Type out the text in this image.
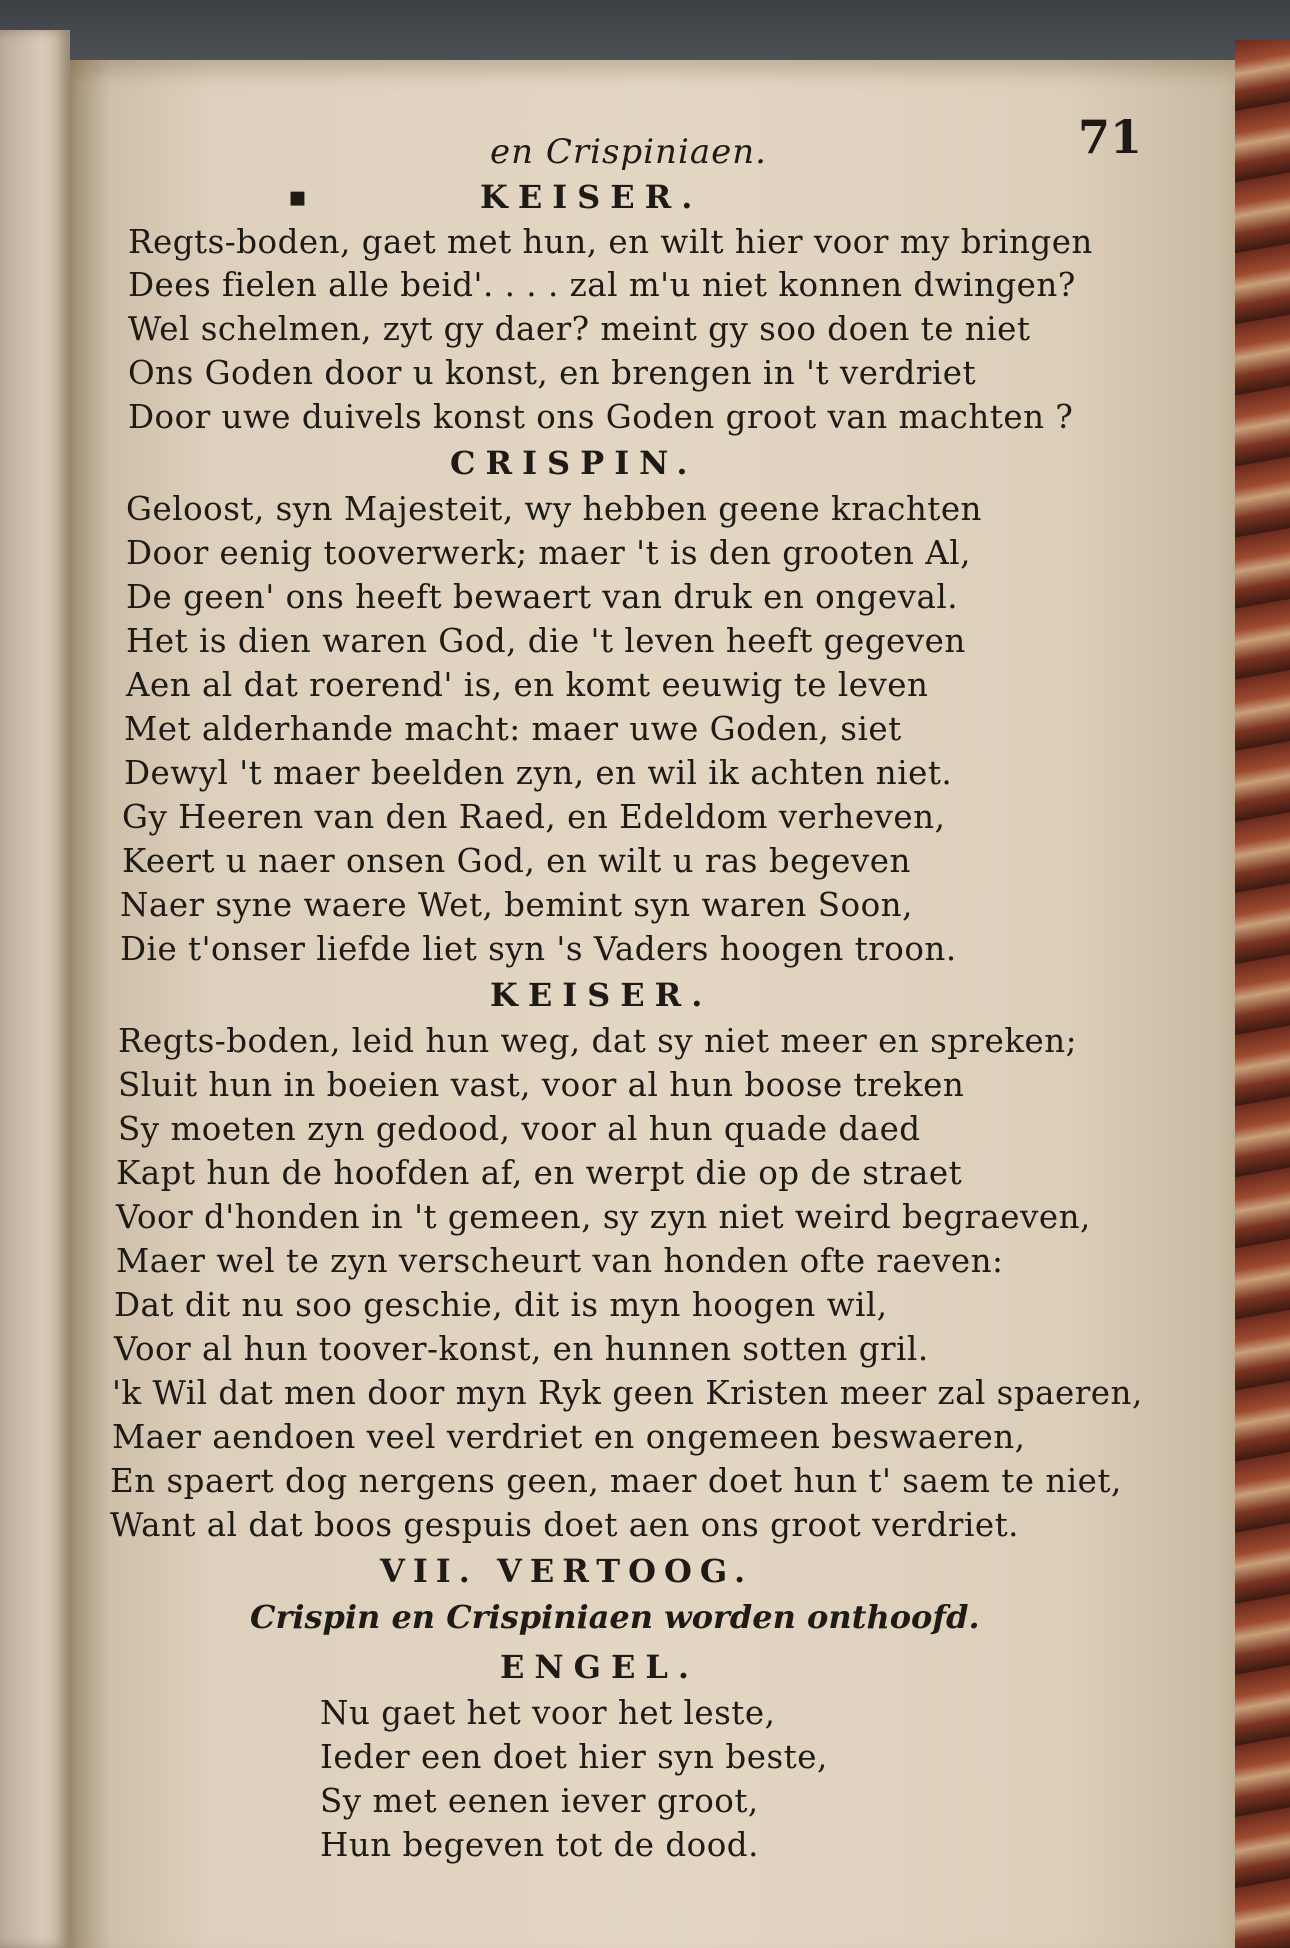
en Crispiniaen.	71
▪	KEISER.
Regts-boden, gaet met hun, en wilt hier voor my bringen
Dees fielen alle beid'. . . . zal m'u niet konnen dwingen?
Wel schelmen, zyt gy daer? meint gy soo doen te niet
Ons Goden door u konst, en brengen in 't verdriet
Door uwe duivels konst ons Goden groot van machten ?
CRISPIN.
Geloost, syn Majesteit, wy hebben geene krachten
Door eenig tooverwerk; maer 't is den grooten Al,
De geen' ons heeft bewaert van druk en ongeval.
Het is dien waren God, die 't leven heeft gegeven
Aen al dat roerend' is, en komt eeuwig te leven
Met alderhande macht: maer uwe Goden, siet
Dewyl 't maer beelden zyn, en wil ik achten niet.
Gy Heeren van den Raed, en Edeldom verheven,
Keert u naer onsen God, en wilt u ras begeven
Naer syne waere Wet, bemint syn waren Soon,
Die t'onser liefde liet syn 's Vaders hoogen troon.
KEISER.
Regts-boden, leid hun weg, dat sy niet meer en spreken;
Sluit hun in boeien vast, voor al hun boose treken
Sy moeten zyn gedood, voor al hun quade daed
Kapt hun de hoofden af, en werpt die op de straet
Voor d'honden in 't gemeen, sy zyn niet weird begraeven,
Maer wel te zyn verscheurt van honden ofte raeven:
Dat dit nu soo geschie, dit is myn hoogen wil,
Voor al hun toover-konst, en hunnen sotten gril.
'k Wil dat men door myn Ryk geen Kristen meer zal spaeren,
Maer aendoen veel verdriet en ongemeen beswaeren,
En spaert dog nergens geen, maer doet hun t' saem te niet,
Want al dat boos gespuis doet aen ons groot verdriet.
VII. VERTOOG.
Crispin en Crispiniaen worden onthoofd.
ENGEL.
Nu gaet het voor het leste,
Ieder een doet hier syn beste,
Sy met eenen iever groot,
Hun begeven tot de dood.
